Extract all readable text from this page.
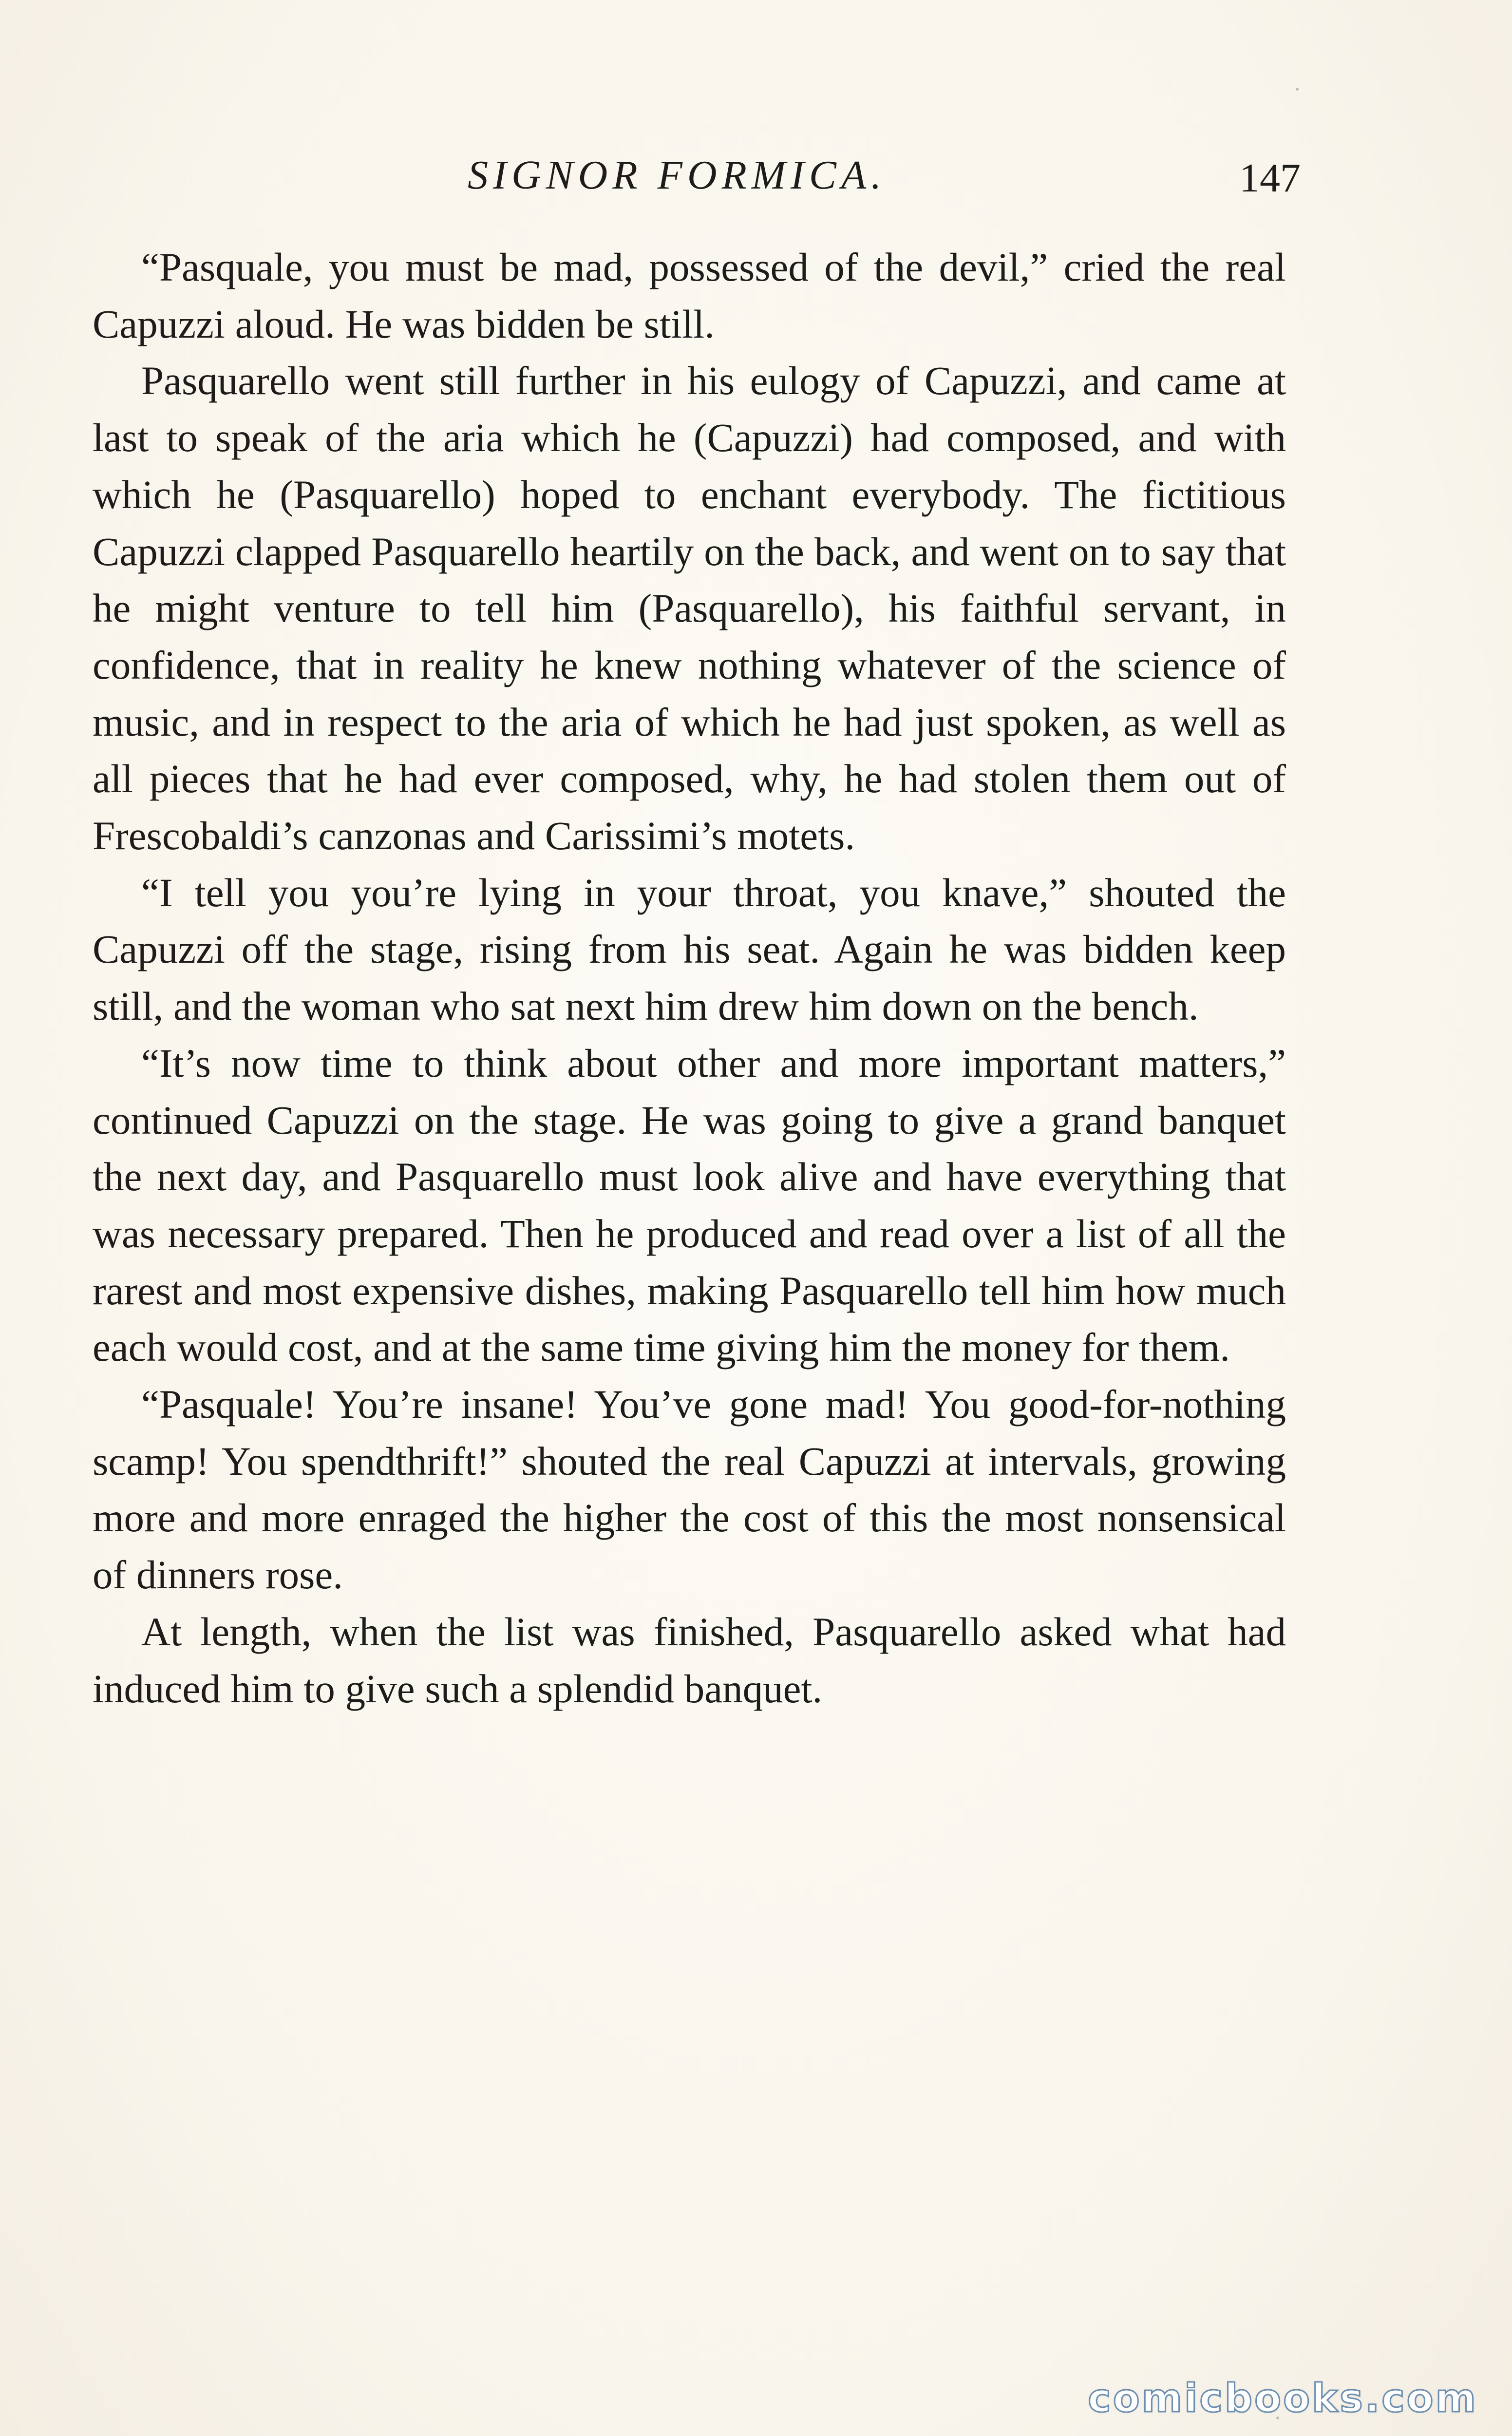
SIGNOR FORMICA.	147

“Pasquale, you must be mad, possessed of the devil,” cried the real Capuzzi aloud. He was bidden be still.

Pasquarello went still further in his eulogy of Capuzzi, and came at last to speak of the aria which he (Capuzzi) had composed, and with which he (Pasquarello) hoped to enchant everybody. The fictitious Capuzzi clapped Pasquarello heartily on the back, and went on to say that he might venture to tell him (Pasquarello), his faithful servant, in confidence, that in reality he knew nothing whatever of the science of music, and in respect to the aria of which he had just spoken, as well as all pieces that he had ever composed, why, he had stolen them out of Frescobaldi’s canzonas and Carissimi’s motets.

“I tell you you’re lying in your throat, you knave,” shouted the Capuzzi off the stage, rising from his seat. Again he was bidden keep still, and the woman who sat next him drew him down on the bench.

“It’s now time to think about other and more important matters,” continued Capuzzi on the stage. He was going to give a grand banquet the next day, and Pasquarello must look alive and have everything that was necessary prepared. Then he produced and read over a list of all the rarest and most expensive dishes, making Pasquarello tell him how much each would cost, and at the same time giving him the money for them.

“Pasquale! You’re insane! You’ve gone mad! You good-for-nothing scamp! You spendthrift!” shouted the real Capuzzi at intervals, growing more and more enraged the higher the cost of this the most nonsensical of dinners rose.

At length, when the list was finished, Pasquarello asked what had induced him to give such a splendid banquet.

comicbooks.com
